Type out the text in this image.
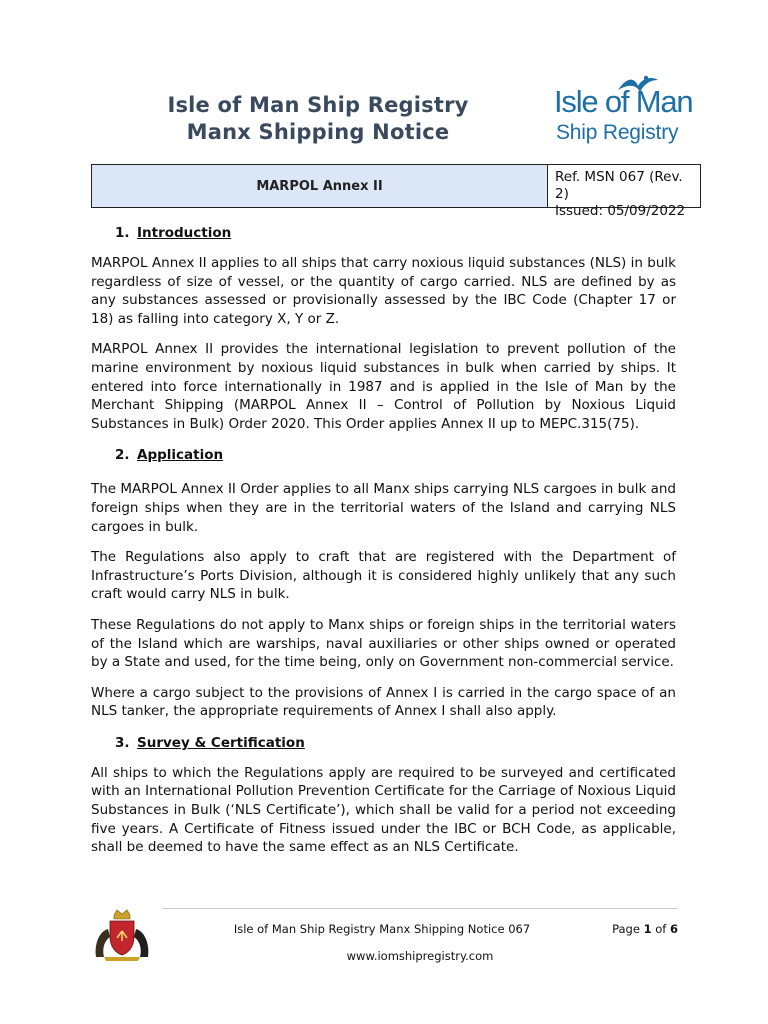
Isle of Man Ship Registry
Manx Shipping Notice
Isle of Man
Ship Registry
MARPOL Annex II
Ref. MSN 067 (Rev. 2)
Issued: 05/09/2022
1. Introduction

MARPOL Annex II applies to all ships that carry noxious liquid substances (NLS) in bulk regardless of size of vessel, or the quantity of cargo carried. NLS are defined by as any substances assessed or provisionally assessed by the IBC Code (Chapter 17 or 18) as falling into category X, Y or Z.

MARPOL Annex II provides the international legislation to prevent pollution of the marine environment by noxious liquid substances in bulk when carried by ships. It entered into force internationally in 1987 and is applied in the Isle of Man by the Merchant Shipping (MARPOL Annex II – Control of Pollution by Noxious Liquid Substances in Bulk) Order 2020. This Order applies Annex II up to MEPC.315(75).

2. Application

The MARPOL Annex II Order applies to all Manx ships carrying NLS cargoes in bulk and foreign ships when they are in the territorial waters of the Island and carrying NLS cargoes in bulk.

The Regulations also apply to craft that are registered with the Department of Infrastructure’s Ports Division, although it is considered highly unlikely that any such craft would carry NLS in bulk.

These Regulations do not apply to Manx ships or foreign ships in the territorial waters of the Island which are warships, naval auxiliaries or other ships owned or operated by a State and used, for the time being, only on Government non-commercial service.

Where a cargo subject to the provisions of Annex I is carried in the cargo space of an NLS tanker, the appropriate requirements of Annex I shall also apply.

3. Survey & Certification

All ships to which the Regulations apply are required to be surveyed and certificated with an International Pollution Prevention Certificate for the Carriage of Noxious Liquid Substances in Bulk (‘NLS Certificate’), which shall be valid for a period not exceeding five years. A Certificate of Fitness issued under the IBC or BCH Code, as applicable, shall be deemed to have the same effect as an NLS Certificate.

Isle of Man Ship Registry Manx Shipping Notice 067	Page 1 of 6
www.iomshipregistry.com
